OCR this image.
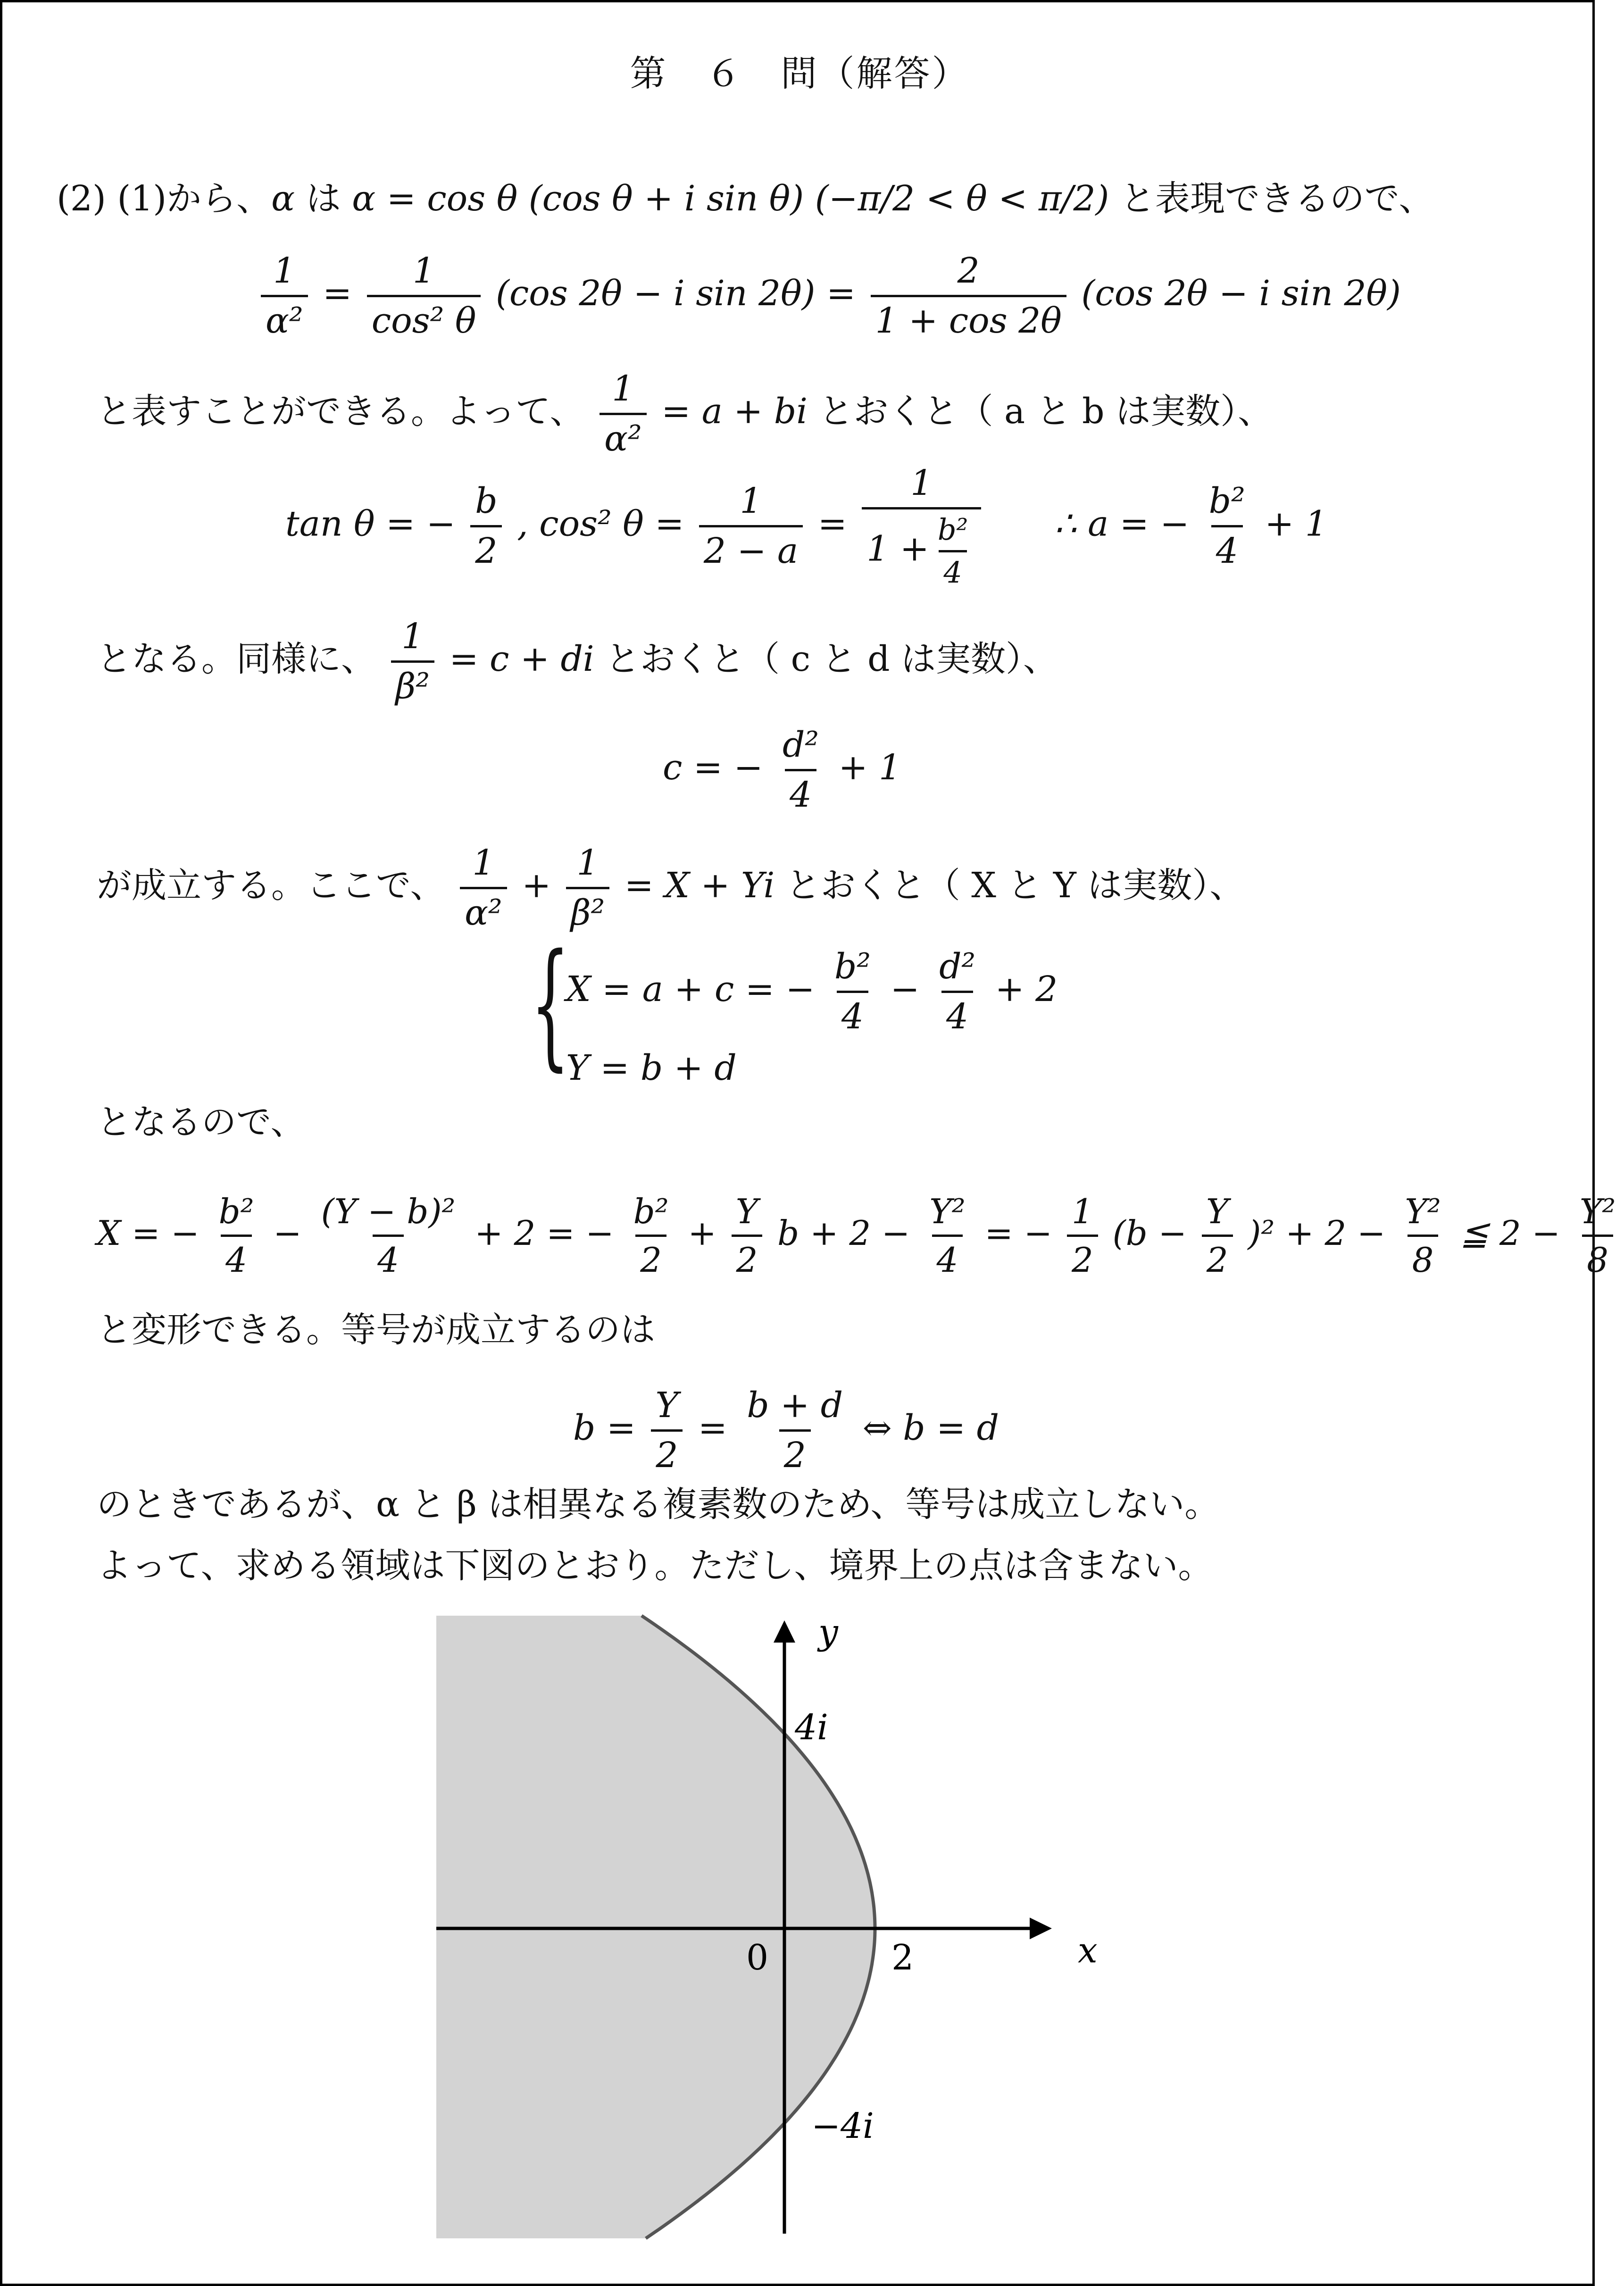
第　６　問（解答）
(2) (1)から、α は α = cos θ (cos θ + i sin θ) (−π/2 < θ < π/2) と表現できるので、
$\frac{1}{\text{α²}} = \frac{1}{\text{cos² θ}} (\cos$ 2θ − i $\sin 2\theta) = \frac{2}{1 + \cos 2\theta} (\cos$ 2θ − i sin 2θ)
と表すことができる。よって、 $\frac{1}{\text{α²}} = a$ + bi とおくと（ a と b は実数）、
tan θ = − $\frac{b}{2}$ , cos² $\theta = \frac{1}{2 - a} = \frac{1}{1 + \frac{\text{b²}}{4}}$ ∴ a = − $\frac{\text{b²}}{4} + 1$
となる。同様に、 $\frac{1}{\text{β²}} = c$ + di とおくと（ c と d は実数）、
c = − $\frac{\text{d²}}{4} + 1$
が成立する。ここで、 $\frac{1}{\text{α²}} + \frac{1}{\text{β²}} = X + Yi$ とおくと（ X と Y は実数）、
{
X = a + c = − $\frac{\text{b²}}{4} - \frac{\text{d²}}{4} + 2$
Y = b + d
となるので、
X = − $\frac{\text{b²}}{4} - \frac{\text{(Y − b)²}}{4} + 2$ = − $\frac{\text{b²}}{2} + \frac{Y}{2}$ $b + 2 - \frac{\text{Y²}}{4}$ = − $\frac{1}{2} (b - \frac{Y}{2} )^2 + 2 - \frac{\text{Y²}}{8}$ ≦ $2 - \frac{\text{Y²}}{8}$
と変形できる。等号が成立するのは
$b = \frac{Y}{2} = \frac{b + d}{2}$ ⇔ b = d
のときであるが、α と β は相異なる複素数のため、等号は成立しない。
よって、求める領域は下図のとおり。ただし、境界上の点は含まない。
y
x
0	2
4i
−4i
